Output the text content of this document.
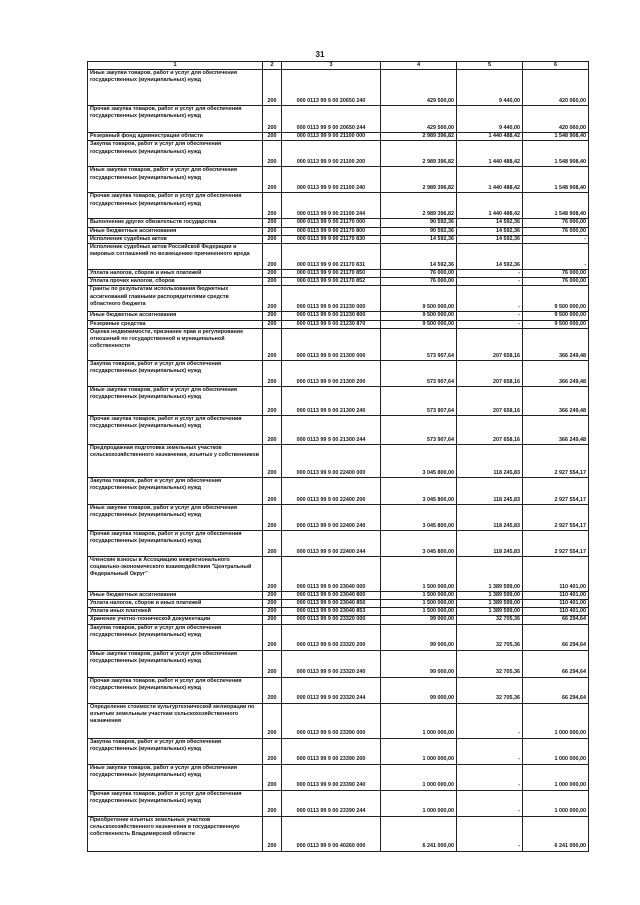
31
1	2	3	4	5	6
Иные закупки товаров, работ и услуг для обеспечения государственных (муниципальных) нужд	200	000 0113 99 9 00 20650 240	429 500,00	9 440,00	420 060,00
Прочая закупка товаров, работ и услуг для обеспечения государственных (муниципальных) нужд	200	000 0113 99 9 00 20650 244	429 500,00	9 440,00	420 060,00
Резервный фонд администрации области	200	000 0113 99 9 00 21100 000	2 989 396,82	1 440 488,42	1 548 908,40
Закупка товаров, работ и услуг для обеспечения государственных (муниципальных) нужд	200	000 0113 99 9 00 21100 200	2 989 396,82	1 440 488,42	1 548 908,40
Иные закупки товаров, работ и услуг для обеспечения государственных (муниципальных) нужд	200	000 0113 99 9 00 21100 240	2 989 396,82	1 440 488,42	1 548 908,40
Прочая закупка товаров, работ и услуг для обеспечения государственных (муниципальных) нужд	200	000 0113 99 9 00 21100 244	2 989 396,82	1 440 488,42	1 548 908,40
Выполнение других обязательств государства	200	000 0113 99 9 00 21170 000	90 592,36	14 592,36	76 000,00
Иные бюджетные ассигнования	200	000 0113 99 9 00 21170 800	90 592,36	14 592,36	76 000,00
Исполнение судебных актов	200	000 0113 99 9 00 21170 830	14 592,36	14 592,36	-
Исполнение судебных актов Российской Федерации и мировых соглашений по возмещению причиненного вреда	200	000 0113 99 9 00 21170 831	14 592,36	14 592,36	-
Уплата налогов, сборов и иных платежей	200	000 0113 99 9 00 21170 850	76 000,00	-	76 000,00
Уплата прочих налогов, сборов	200	000 0113 99 9 00 21170 852	76 000,00	-	76 000,00
Гранты по результатам использования бюджетных ассигнований главными распорядителями средств областного бюджета	200	000 0113 99 9 00 21230 000	9 500 000,00	-	9 500 000,00
Иные бюджетные ассигнования	200	000 0113 99 9 00 21230 800	9 500 000,00	-	9 500 000,00
Резервные средства	200	000 0113 99 9 00 21230 870	9 500 000,00	-	9 500 000,00
Оценка недвижимости, признание прав и регулирование отношений по государственной и муниципальной собственности	200	000 0113 99 9 00 21300 000	573 907,64	207 658,16	366 249,48
Закупка товаров, работ и услуг для обеспечения государственных (муниципальных) нужд	200	000 0113 99 9 00 21300 200	573 907,64	207 658,16	366 249,48
Иные закупки товаров, работ и услуг для обеспечения государственных (муниципальных) нужд	200	000 0113 99 9 00 21300 240	573 907,64	207 658,16	366 249,48
Прочая закупка товаров, работ и услуг для обеспечения государственных (муниципальных) нужд	200	000 0113 99 9 00 21300 244	573 907,64	207 658,16	366 249,48
Предпродажная подготовка земельных участков сельскохозяйственного назначения, изъятых у собственников	200	000 0113 99 9 00 22400 000	3 045 800,00	118 245,83	2 927 554,17
Закупка товаров, работ и услуг для обеспечения государственных (муниципальных) нужд	200	000 0113 99 9 00 22400 200	3 045 800,00	118 245,83	2 927 554,17
Иные закупки товаров, работ и услуг для обеспечения государственных (муниципальных) нужд	200	000 0113 99 9 00 22400 240	3 045 800,00	118 245,83	2 927 554,17
Прочая закупка товаров, работ и услуг для обеспечения государственных (муниципальных) нужд	200	000 0113 99 9 00 22400 244	3 045 800,00	118 245,83	2 927 554,17
Членские взносы в Ассоциацию межрегионального социально-экономического взаимодействия "Центральный Федеральный Округ"	200	000 0113 99 9 00 23040 000	1 500 000,00	1 389 599,00	110 401,00
Иные бюджетные ассигнования	200	000 0113 99 9 00 23040 800	1 500 000,00	1 389 599,00	110 401,00
Уплата налогов, сборов и иных платежей	200	000 0113 99 9 00 23040 850	1 500 000,00	1 389 599,00	110 401,00
Уплата иных платежей	200	000 0113 99 9 00 23040 853	1 500 000,00	1 389 599,00	110 401,00
Хранение учетно-технической документации	200	000 0113 99 9 00 23320 000	99 000,00	32 705,36	66 294,64
Закупка товаров, работ и услуг для обеспечения государственных (муниципальных) нужд	200	000 0113 99 9 00 23320 200	99 000,00	32 705,36	66 294,64
Иные закупки товаров, работ и услуг для обеспечения государственных (муниципальных) нужд	200	000 0113 99 9 00 23320 240	99 000,00	32 705,36	66 294,64
Прочая закупка товаров, работ и услуг для обеспечения государственных (муниципальных) нужд	200	000 0113 99 9 00 23320 244	99 000,00	32 705,36	66 294,64
Определение стоимости культуртехнической мелиорации по изъятым земельным участкам сельскохозяйственного назначения	200	000 0113 99 9 00 23390 000	1 000 000,00	-	1 000 000,00
Закупка товаров, работ и услуг для обеспечения государственных (муниципальных) нужд	200	000 0113 99 9 00 23390 200	1 000 000,00	-	1 000 000,00
Иные закупки товаров, работ и услуг для обеспечения государственных (муниципальных) нужд	200	000 0113 99 9 00 23390 240	1 000 000,00	-	1 000 000,00
Прочая закупка товаров, работ и услуг для обеспечения государственных (муниципальных) нужд	200	000 0113 99 9 00 23390 244	1 000 000,00	-	1 000 000,00
Приобретение изъятых земельных участков сельскохозяйственного назначения в государственную собственность Владимирской области	200	000 0113 99 9 00 40260 000	6 241 000,00	-	6 241 000,00
